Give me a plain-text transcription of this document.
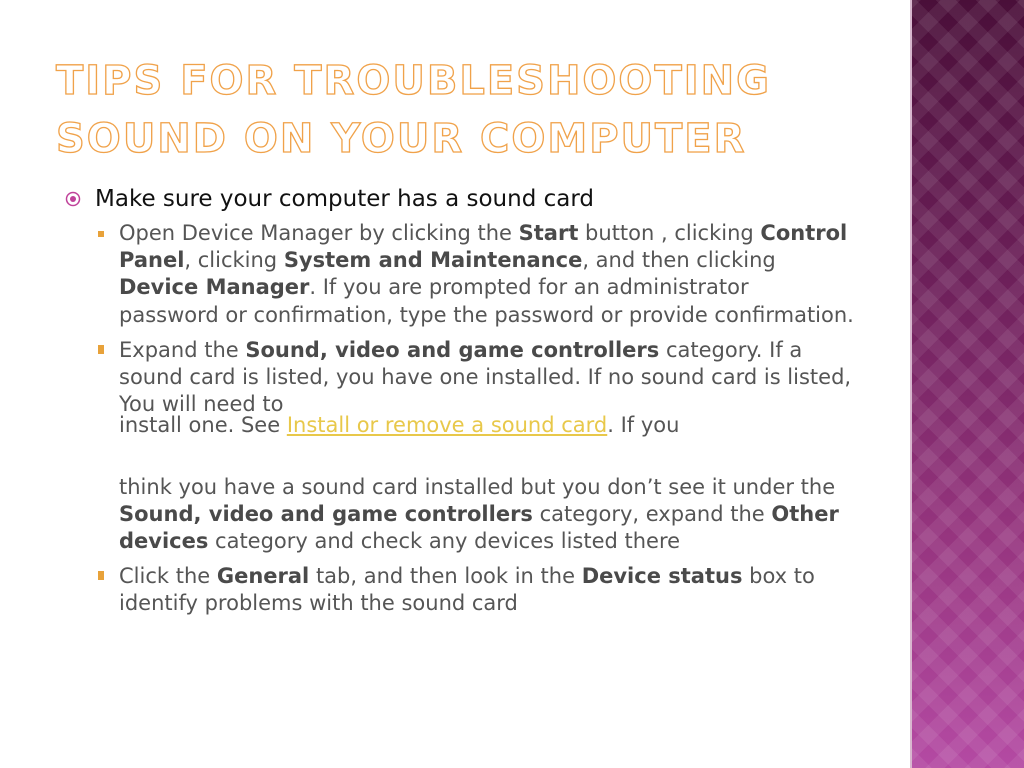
TIPS FOR TROUBLESHOOTING
SOUND ON YOUR COMPUTER
Make sure your computer has a sound card
Open Device Manager by clicking the Start button , clicking Control Panel, clicking System and Maintenance, and then clicking Device Manager. If you are prompted for an administrator password or confirmation, type the password or provide confirmation.
Expand the Sound, video and game controllers category. If a sound card is listed, you have one installed. If no sound card is listed, You will need to
install one. See Install or remove a sound card. If you
think you have a sound card installed but you don’t see it under the Sound, video and game controllers category, expand the Other devices category and check any devices listed there
Click the General tab, and then look in the Device status box to identify problems with the sound card
